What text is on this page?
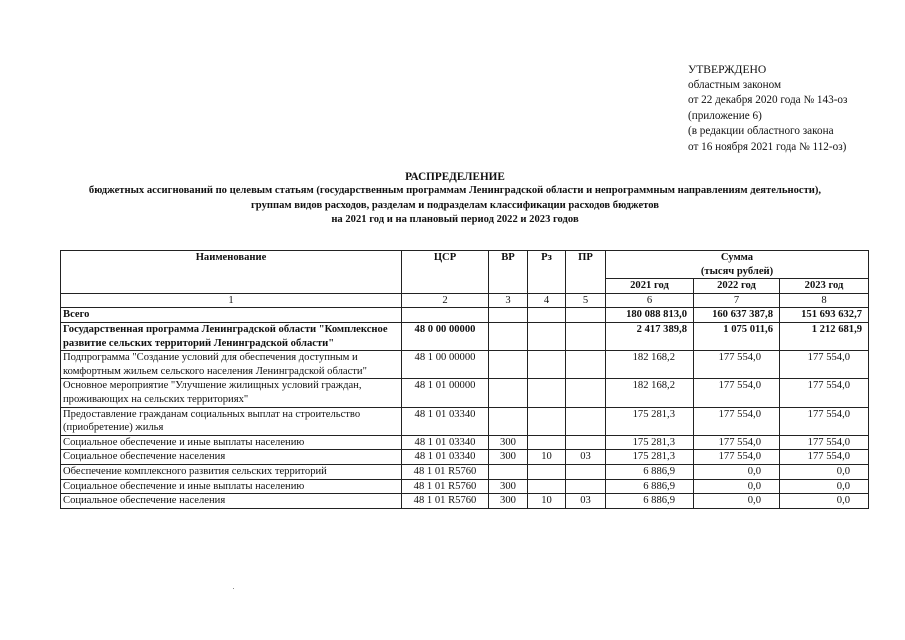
УТВЕРЖДЕНО
областным законом
от 22 декабря 2020 года № 143-оз
(приложение 6)
(в редакции областного закона
от 16 ноября 2021 года № 112-оз)
РАСПРЕДЕЛЕНИЕ
бюджетных ассигнований по целевым статьям (государственным программам Ленинградской области и непрограммным направлениям деятельности),
группам видов расходов, разделам и подразделам классификации расходов бюджетов
на 2021 год и на плановый период 2022 и 2023 годов
Наименование	ЦСР	ВР	Рз	ПР	Сумма
(тысяч рублей)		

					2021 год	2022 год	2023 год
1	2	3	4	5	6	7	8
Всего					180 088 813,0	160 637 387,8	151 693 632,7
Государственная программа Ленинградской области "Комплексное развитие сельских территорий Ленинградской области"	48 0 00 00000				2 417 389,8	1 075 011,6	1 212 681,9
Подпрограмма "Создание условий для обеспечения доступным и комфортным жильем сельского населения Ленинградской области"	48 1 00 00000				182 168,2	177 554,0	177 554,0
Основное мероприятие "Улучшение жилищных условий граждан, проживающих на сельских территориях"	48 1 01 00000				182 168,2	177 554,0	177 554,0
Предоставление гражданам социальных выплат на строительство (приобретение) жилья	48 1 01 03340				175 281,3	177 554,0	177 554,0
Социальное обеспечение и иные выплаты населению	48 1 01 03340	300			175 281,3	177 554,0	177 554,0
Социальное обеспечение населения	48 1 01 03340	300	10	03	175 281,3	177 554,0	177 554,0
Обеспечение комплексного развития сельских территорий	48 1 01 R5760				6 886,9	0,0	0,0
Социальное обеспечение и иные выплаты населению	48 1 01 R5760	300			6 886,9	0,0	0,0
Социальное обеспечение населения	48 1 01 R5760	300	10	03	6 886,9	0,0	0,0
